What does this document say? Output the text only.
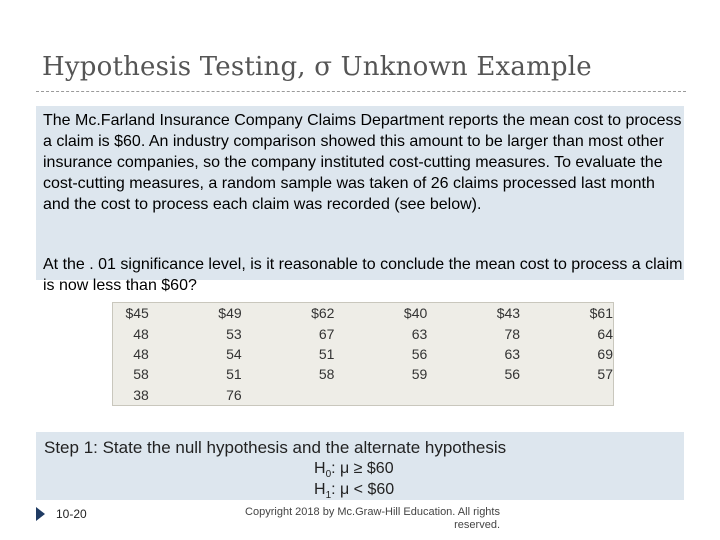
Hypothesis Testing, σ Unknown Example

The Mc.Farland Insurance Company Claims Department reports the mean cost to process a claim is $60. An industry comparison showed this amount to be larger than most other insurance companies, so the company instituted cost-cutting measures. To evaluate the cost-cutting measures, a random sample was taken of 26 claims processed last month and the cost to process each claim was recorded (see below).

At the . 01 significance level, is it reasonable to conclude the mean cost to process a claim is now less than $60?

$45	$49	$62	$40	$43	$61
48	53	67	63	78	64
48	54	51	56	63	69
58	51	58	59	56	57
38	76				

Step 1: State the null hypothesis and the alternate hypothesis

$H_0$: μ ≥ $60

$H_1$: μ < $60

10-20	Copyright 2018 by Mc.Graw-Hill Education. All rights reserved.
